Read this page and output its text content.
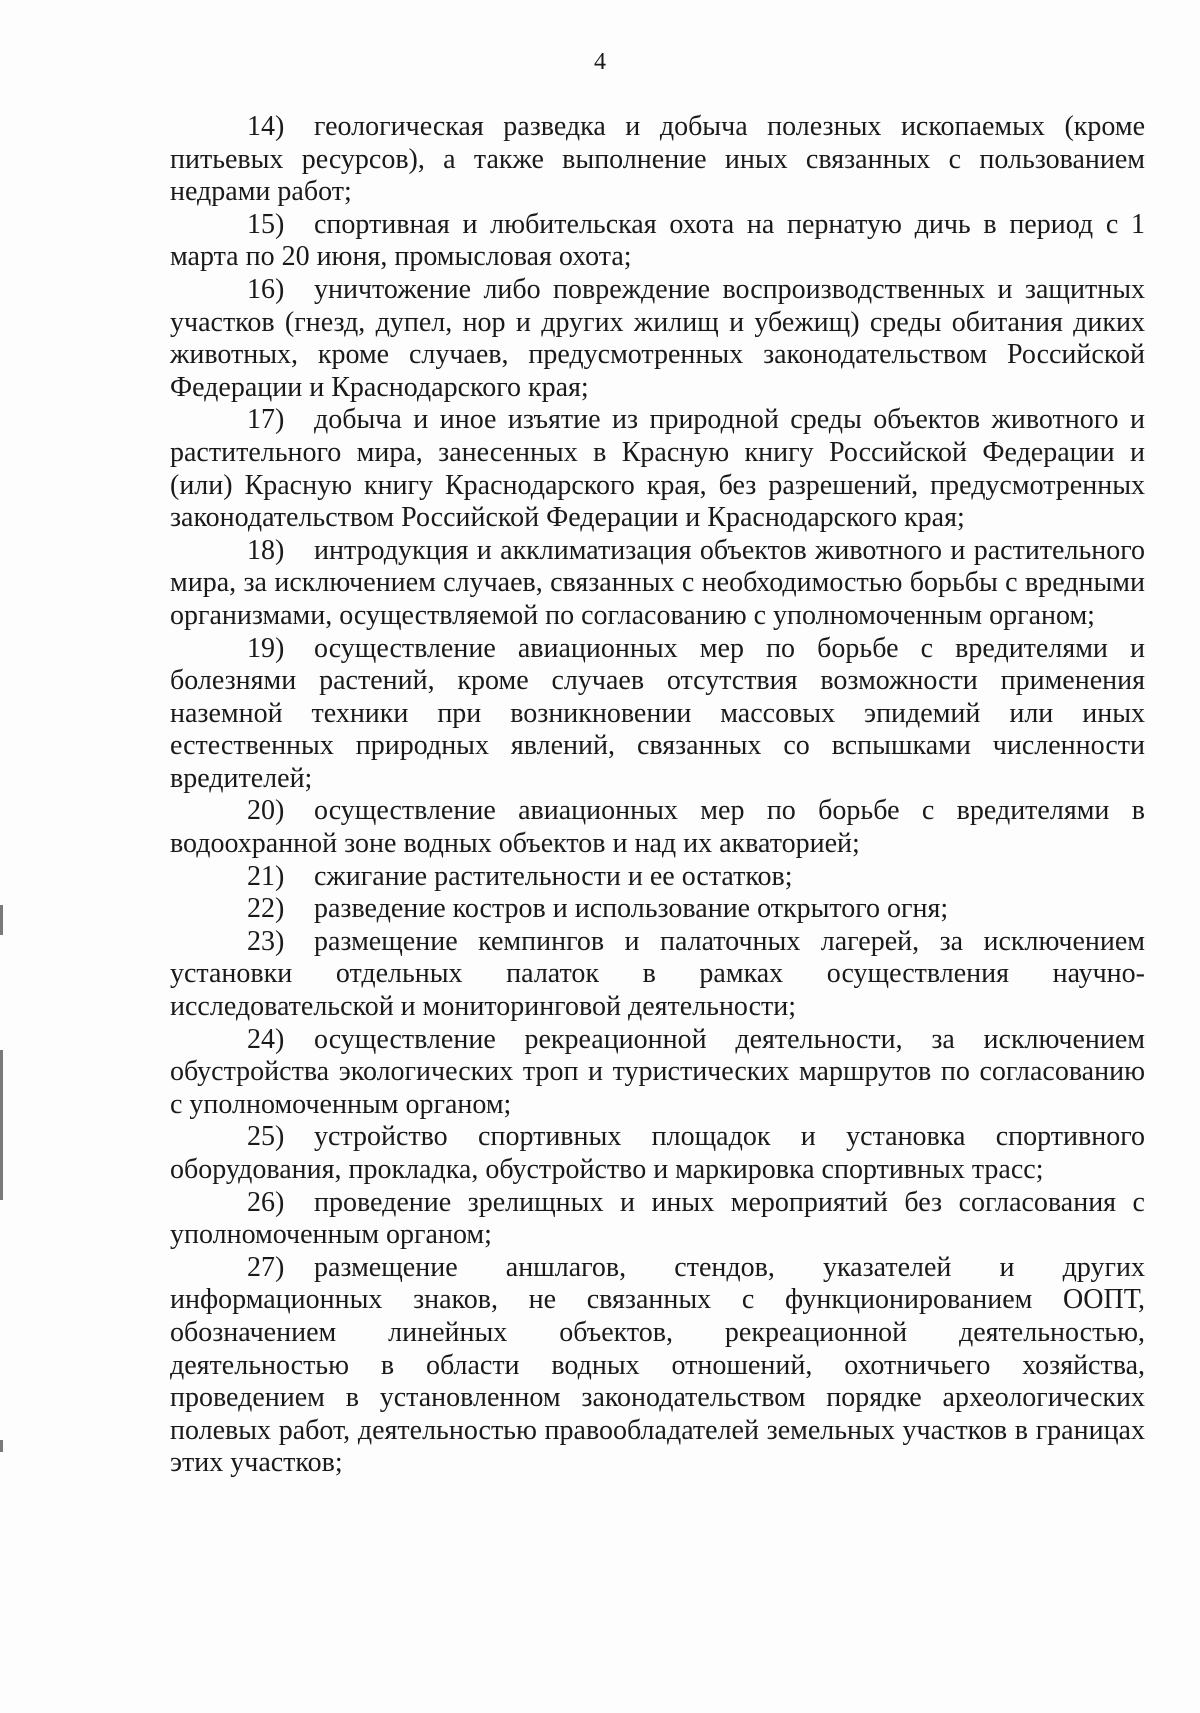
4

14) геологическая разведка и добыча полезных ископаемых (кроме питьевых ресурсов), а также выполнение иных связанных с пользованием недрами работ;

15) спортивная и любительская охота на пернатую дичь в период с 1 марта по 20 июня, промысловая охота;

16) уничтожение либо повреждение воспроизводственных и защитных участков (гнезд, дупел, нор и других жилищ и убежищ) среды обитания диких животных, кроме случаев, предусмотренных законодательством Российской Федерации и Краснодарского края;

17) добыча и иное изъятие из природной среды объектов животного и растительного мира, занесенных в Красную книгу Российской Федерации и (или) Красную книгу Краснодарского края, без разрешений, предусмотренных законодательством Российской Федерации и Краснодарского края;

18) интродукция и акклиматизация объектов животного и растительного мира, за исключением случаев, связанных с необходимостью борьбы с вредными организмами, осуществляемой по согласованию с уполномоченным органом;

19) осуществление авиационных мер по борьбе с вредителями и болезнями растений, кроме случаев отсутствия возможности применения наземной техники при возникновении массовых эпидемий или иных естественных природных явлений, связанных со вспышками численности вредителей;

20) осуществление авиационных мер по борьбе с вредителями в водоохранной зоне водных объектов и над их акваторией;

21) сжигание растительности и ее остатков;

22) разведение костров и использование открытого огня;

23) размещение кемпингов и палаточных лагерей, за исключением установки отдельных палаток в рамках осуществления научно-исследовательской и мониторинговой деятельности;

24) осуществление рекреационной деятельности, за исключением обустройства экологических троп и туристических маршрутов по согласованию с уполномоченным органом;

25) устройство спортивных площадок и установка спортивного оборудования, прокладка, обустройство и маркировка спортивных трасс;

26) проведение зрелищных и иных мероприятий без согласования с уполномоченным органом;

27) размещение аншлагов, стендов, указателей и других информационных знаков, не связанных с функционированием ООПТ, обозначением линейных объектов, рекреационной деятельностью, деятельностью в области водных отношений, охотничьего хозяйства, проведением в установленном законодательством порядке археологических полевых работ, деятельностью правообладателей земельных участков в границах этих участков;
